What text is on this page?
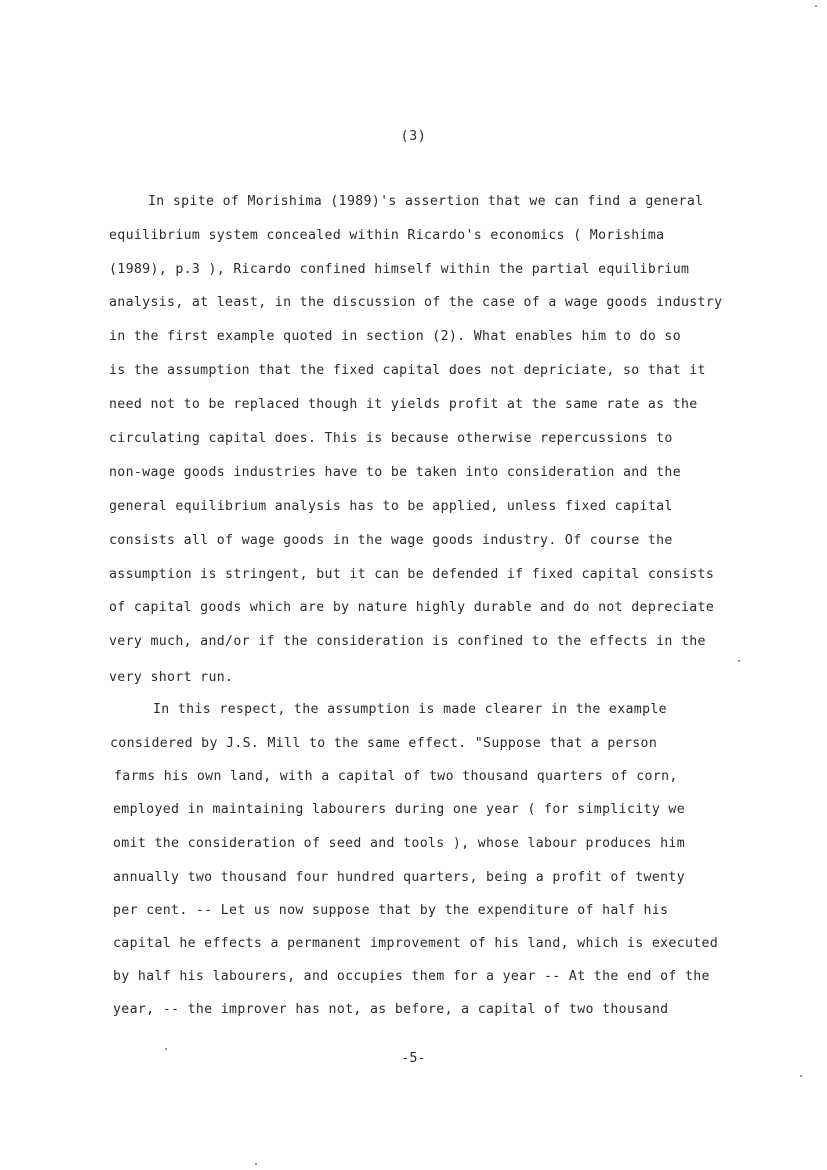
(3)
In spite of Morishima (1989)'s assertion that we can find a general
equilibrium system concealed within Ricardo's economics ( Morishima
(1989), p.3 ), Ricardo confined himself within the partial equilibrium
analysis, at least, in the discussion of the case of a wage goods industry
in the first example quoted in section (2). What enables him to do so
is the assumption that the fixed capital does not depriciate, so that it
need not to be replaced though it yields profit at the same rate as the
circulating capital does. This is because otherwise repercussions to
non-wage goods industries have to be taken into consideration and the
general equilibrium analysis has to be applied, unless fixed capital
consists all of wage goods in the wage goods industry. Of course the
assumption is stringent, but it can be defended if fixed capital consists
of capital goods which are by nature highly durable and do not depreciate
very much, and/or if the consideration is confined to the effects in the
very short run.
In this respect, the assumption is made clearer in the example
considered by J.S. Mill to the same effect. "Suppose that a person
farms his own land, with a capital of two thousand quarters of corn,
employed in maintaining labourers during one year ( for simplicity we
omit the consideration of seed and tools ), whose labour produces him
annually two thousand four hundred quarters, being a profit of twenty
per cent. -- Let us now suppose that by the expenditure of half his
capital he effects a permanent improvement of his land, which is executed
by half his labourers, and occupies them for a year -- At the end of the
year, -- the improver has not, as before, a capital of two thousand
-5-
